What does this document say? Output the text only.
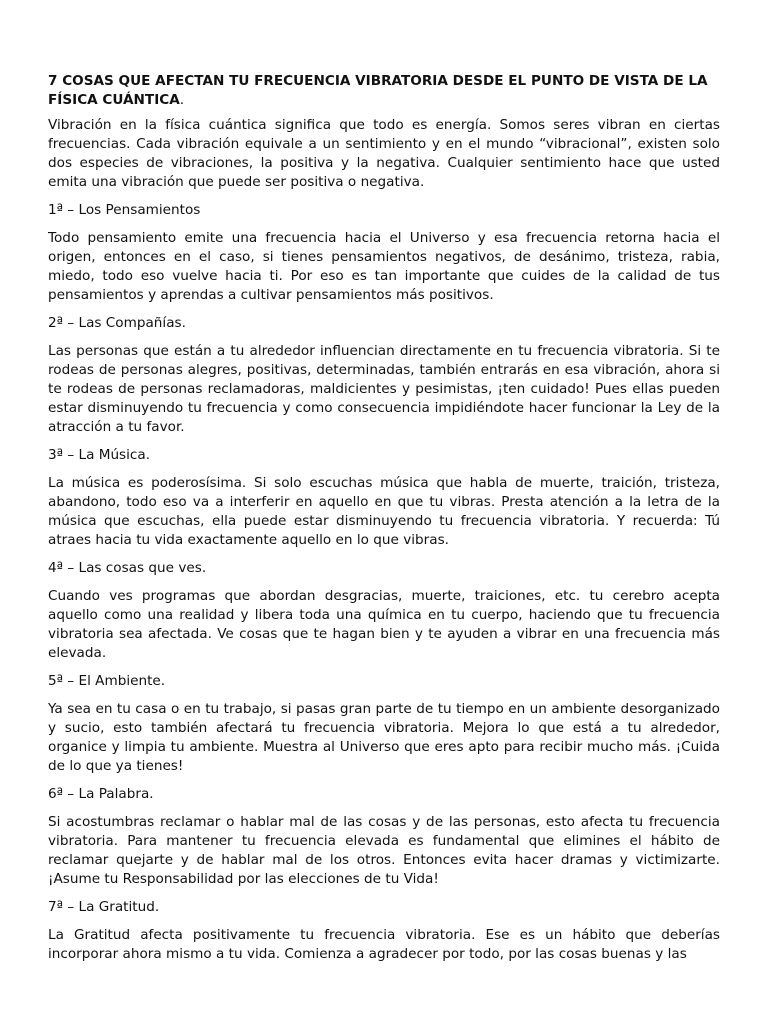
7 COSAS QUE AFECTAN TU FRECUENCIA VIBRATORIA DESDE EL PUNTO DE VISTA DE LA FÍSICA CUÁNTICA.

Vibración en la física cuántica significa que todo es energía. Somos seres vibran en ciertas frecuencias. Cada vibración equivale a un sentimiento y en el mundo “vibracional”, existen solo dos especies de vibraciones, la positiva y la negativa. Cualquier sentimiento hace que usted emita una vibración que puede ser positiva o negativa.

1ª – Los Pensamientos

Todo pensamiento emite una frecuencia hacia el Universo y esa frecuencia retorna hacia el origen, entonces en el caso, si tienes pensamientos negativos, de desánimo, tristeza, rabia, miedo, todo eso vuelve hacia ti. Por eso es tan importante que cuides de la calidad de tus pensamientos y aprendas a cultivar pensamientos más positivos.

2ª – Las Compañías.

Las personas que están a tu alrededor influencian directamente en tu frecuencia vibratoria. Si te rodeas de personas alegres, positivas, determinadas, también entrarás en esa vibración, ahora si te rodeas de personas reclamadoras, maldicientes y pesimistas, ¡ten cuidado! Pues ellas pueden estar disminuyendo tu frecuencia y como consecuencia impidiéndote hacer funcionar la Ley de la atracción a tu favor.

3ª – La Música.

La música es poderosísima. Si solo escuchas música que habla de muerte, traición, tristeza, abandono, todo eso va a interferir en aquello en que tu vibras. Presta atención a la letra de la música que escuchas, ella puede estar disminuyendo tu frecuencia vibratoria. Y recuerda: Tú atraes hacia tu vida exactamente aquello en lo que vibras.

4ª – Las cosas que ves.

Cuando ves programas que abordan desgracias, muerte, traiciones, etc. tu cerebro acepta aquello como una realidad y libera toda una química en tu cuerpo, haciendo que tu frecuencia vibratoria sea afectada. Ve cosas que te hagan bien y te ayuden a vibrar en una frecuencia más elevada.

5ª – El Ambiente.

Ya sea en tu casa o en tu trabajo, si pasas gran parte de tu tiempo en un ambiente desorganizado y sucio, esto también afectará tu frecuencia vibratoria. Mejora lo que está a tu alrededor, organice y limpia tu ambiente. Muestra al Universo que eres apto para recibir mucho más. ¡Cuida de lo que ya tienes!

6ª – La Palabra.

Si acostumbras reclamar o hablar mal de las cosas y de las personas, esto afecta tu frecuencia vibratoria. Para mantener tu frecuencia elevada es fundamental que elimines el hábito de reclamar quejarte y de hablar mal de los otros. Entonces evita hacer dramas y victimizarte. ¡Asume tu Responsabilidad por las elecciones de tu Vida!

7ª – La Gratitud.

La Gratitud afecta positivamente tu frecuencia vibratoria. Ese es un hábito que deberías incorporar ahora mismo a tu vida. Comienza a agradecer por todo, por las cosas buenas y las
